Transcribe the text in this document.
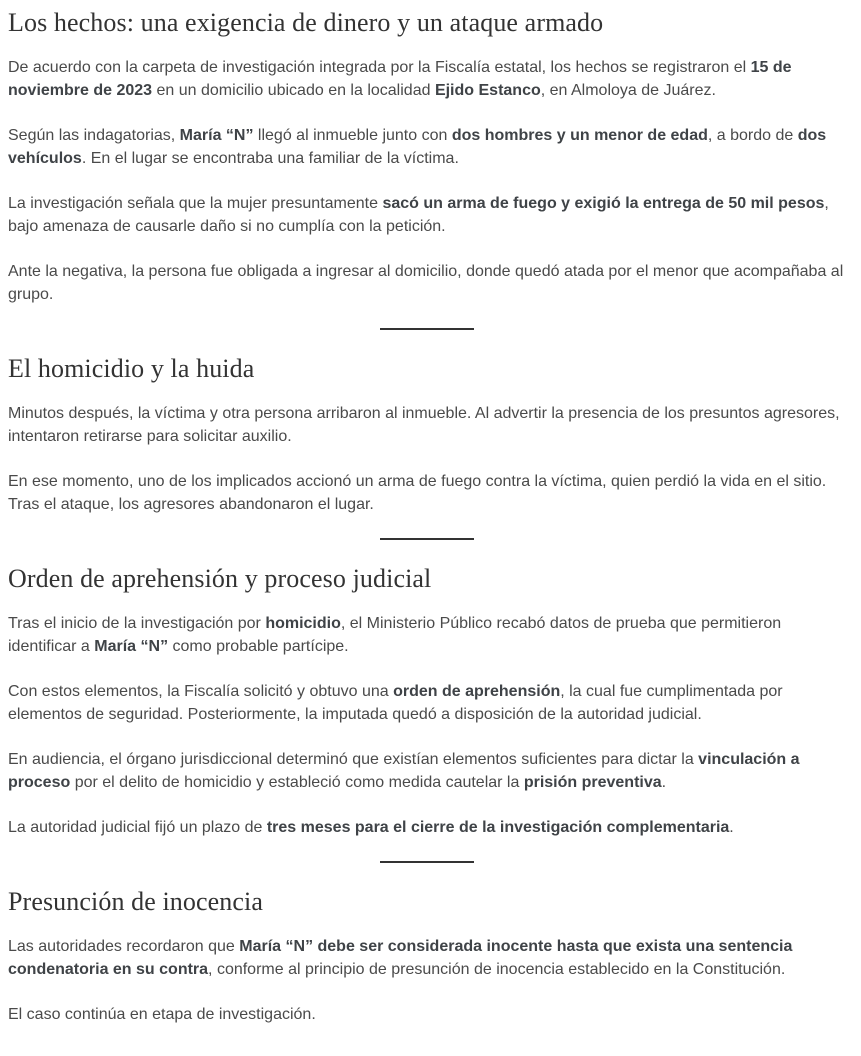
Los hechos: una exigencia de dinero y un ataque armado

De acuerdo con la carpeta de investigación integrada por la Fiscalía estatal, los hechos se registraron el 15 de noviembre de 2023 en un domicilio ubicado en la localidad Ejido Estanco, en Almoloya de Juárez.

Según las indagatorias, María “N” llegó al inmueble junto con dos hombres y un menor de edad, a bordo de dos vehículos. En el lugar se encontraba una familiar de la víctima.

La investigación señala que la mujer presuntamente sacó un arma de fuego y exigió la entrega de 50 mil pesos, bajo amenaza de causarle daño si no cumplía con la petición.

Ante la negativa, la persona fue obligada a ingresar al domicilio, donde quedó atada por el menor que acompañaba al grupo.

El homicidio y la huida

Minutos después, la víctima y otra persona arribaron al inmueble. Al advertir la presencia de los presuntos agresores, intentaron retirarse para solicitar auxilio.

En ese momento, uno de los implicados accionó un arma de fuego contra la víctima, quien perdió la vida en el sitio. Tras el ataque, los agresores abandonaron el lugar.

Orden de aprehensión y proceso judicial

Tras el inicio de la investigación por homicidio, el Ministerio Público recabó datos de prueba que permitieron identificar a María “N” como probable partícipe.

Con estos elementos, la Fiscalía solicitó y obtuvo una orden de aprehensión, la cual fue cumplimentada por elementos de seguridad. Posteriormente, la imputada quedó a disposición de la autoridad judicial.

En audiencia, el órgano jurisdiccional determinó que existían elementos suficientes para dictar la vinculación a proceso por el delito de homicidio y estableció como medida cautelar la prisión preventiva.

La autoridad judicial fijó un plazo de tres meses para el cierre de la investigación complementaria.

Presunción de inocencia

Las autoridades recordaron que María “N” debe ser considerada inocente hasta que exista una sentencia condenatoria en su contra, conforme al principio de presunción de inocencia establecido en la Constitución.

El caso continúa en etapa de investigación.
